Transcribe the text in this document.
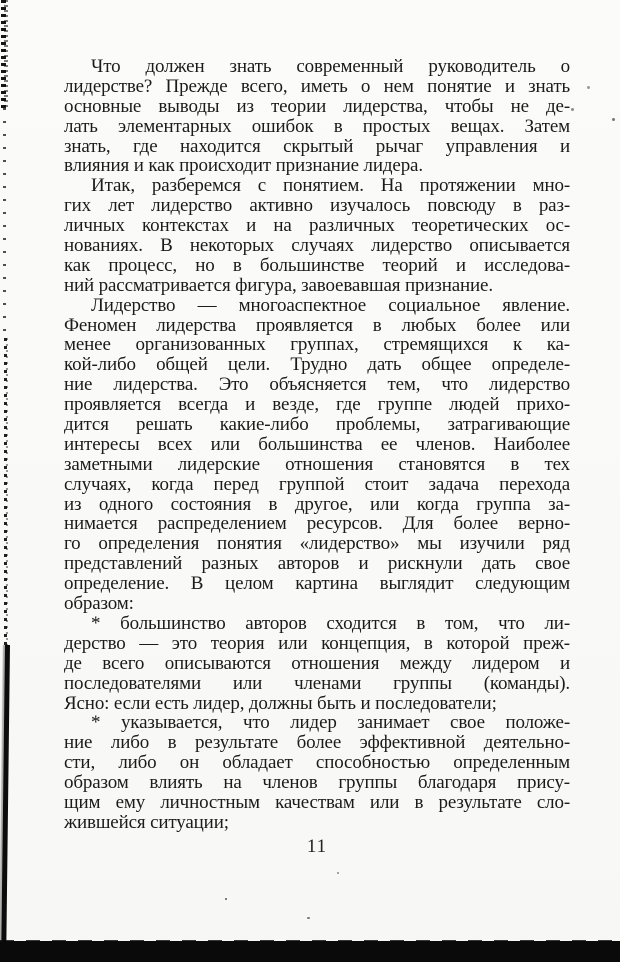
Что должен знать современный руководитель о
лидерстве? Прежде всего, иметь о нем понятие и знать
основные выводы из теории лидерства, чтобы не де-
лать элементарных ошибок в простых вещах. Затем
знать, где находится скрытый рычаг управления и
влияния и как происходит признание лидера.
Итак, разберемся с понятием. На протяжении мно-
гих лет лидерство активно изучалось повсюду в раз-
личных контекстах и на различных теоретических ос-
нованиях. В некоторых случаях лидерство описывается
как процесс, но в большинстве теорий и исследова-
ний рассматривается фигура, завоевавшая признание.
Лидерство — многоаспектное социальное явление.
Феномен лидерства проявляется в любых более или
менее организованных группах, стремящихся к ка-
кой-либо общей цели. Трудно дать общее определе-
ние лидерства. Это объясняется тем, что лидерство
проявляется всегда и везде, где группе людей прихо-
дится решать какие-либо проблемы, затрагивающие
интересы всех или большинства ее членов. Наиболее
заметными лидерские отношения становятся в тех
случаях, когда перед группой стоит задача перехода
из одного состояния в другое, или когда группа за-
нимается распределением ресурсов. Для более верно-
го определения понятия «лидерство» мы изучили ряд
представлений разных авторов и рискнули дать свое
определение. В целом картина выглядит следующим
образом:
* большинство авторов сходится в том, что ли-
дерство — это теория или концепция, в которой преж-
де всего описываются отношения между лидером и
последователями или членами группы (команды).
Ясно: если есть лидер, должны быть и последователи;
* указывается, что лидер занимает свое положе-
ние либо в результате более эффективной деятельно-
сти, либо он обладает способностью определенным
образом влиять на членов группы благодаря прису-
щим ему личностным качествам или в результате сло-
жившейся ситуации;
11
